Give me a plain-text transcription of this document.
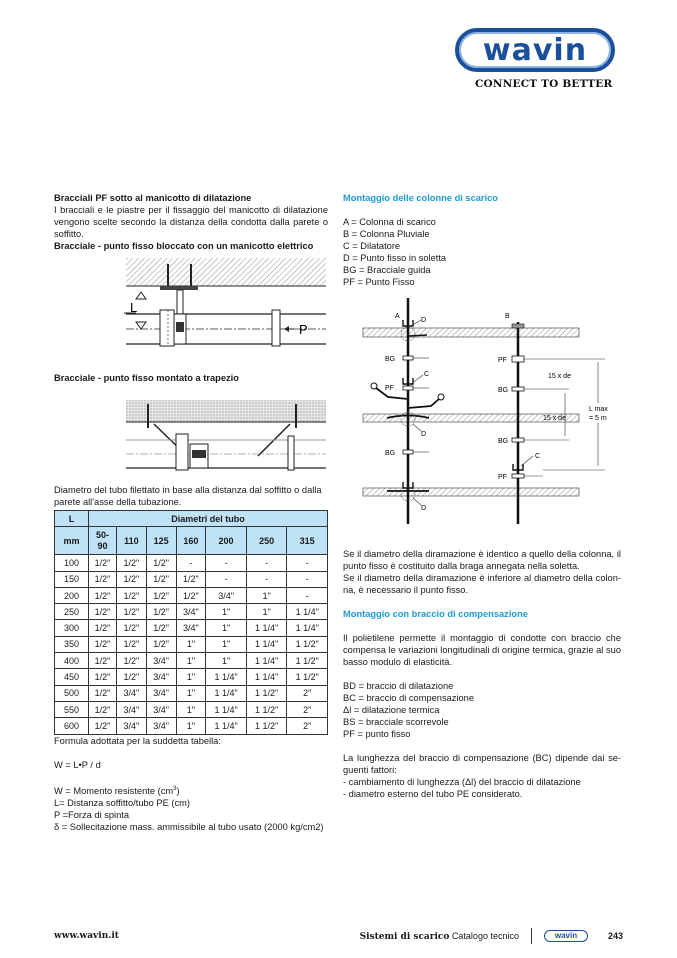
wavin
CONNECT TO BETTER
Bracciali PF sotto al manicotto di dilatazione
I bracciali e le piastre per il fissaggio del manicotto di dilatazione vengono scelte secondo la distanza della condotta dalla parete o soffitto.
Bracciale - punto fisso bloccato con un manicotto elettrico
L
P
Bracciale - punto fisso montato a trapezio
Diametro del tubo filettato in base alla distanza dal soffitto o dalla parete all'asse della tubazione.
L	Diametri del tubo						
mm	50-90	110	125	160	200	250	315
100	1/2"	1/2"	1/2"	-	-	-	-
150	1/2"	1/2"	1/2"	1/2"	-	-	-
200	1/2"	1/2"	1/2"	1/2"	3/4"	1"	-
250	1/2"	1/2"	1/2"	3/4"	1"	1"	1 1/4"
300	1/2"	1/2"	1/2"	3/4"	1"	1 1/4"	1 1/4"
350	1/2"	1/2"	1/2"	1"	1"	1 1/4"	1 1/2"
400	1/2"	1/2"	3/4"	1"	1"	1 1/4"	1 1/2"
450	1/2"	1/2"	3/4"	1"	1 1/4"	1 1/4"	1 1/2"
500	1/2"	3/4"	3/4"	1"	1 1/4"	1 1/2"	2"
550	1/2"	3/4"	3/4"	1"	1 1/4"	1 1/2"	2"
600	1/2"	3/4"	3/4"	1"	1 1/4"	1 1/2"	2"
Formula adottata per la suddetta tabella:
W = L•P / d
W = Momento resistente $(cm^3)$
L= Distanza soffitto/tubo PE (cm)
P =Forza di spinta
δ = Sollecitazione mass. ammissibile al tubo usato (2000 kg/cm2)
Montaggio delle colonne di scarico
A = Colonna di scarico
B = Colonna Pluviale
C = Dilatatore
D = Punto fisso in soletta
BG = Bracciale guida
PF = Punto Fisso
A
D
BG
PF
C
D
BG
D
B
PF
BG
BG
C
PF
15 x de
15 x de
L max
= 5 m
Se il diametro della diramazione è identico a quello della colonna, il punto fisso è costituito dalla braga annegata nella soletta.
Se il diametro della diramazione è inferiore al diametro della colon-na, è necessario il punto fisso.
Montaggio con braccio di compensazione
Il polietilene permette il montaggio di condotte con braccio che compensa le variazioni longitudinali di origine termica, grazie al suo basso modulo di elasticità.
BD = braccio di dilatazione
BC = braccio di compensazione
Δl = dilatazione termica
BS = bracciale scorrevole
PF = punto fisso
La lunghezza del braccio di compensazione (BC) dipende dai se-guenti fattori:
- cambiamento di lunghezza (Δl) del braccio di dilatazione
- diametro esterno del tubo PE considerato.
www.wavin.it	Sistemi di scarico Catalogo tecnico	wavin	243
